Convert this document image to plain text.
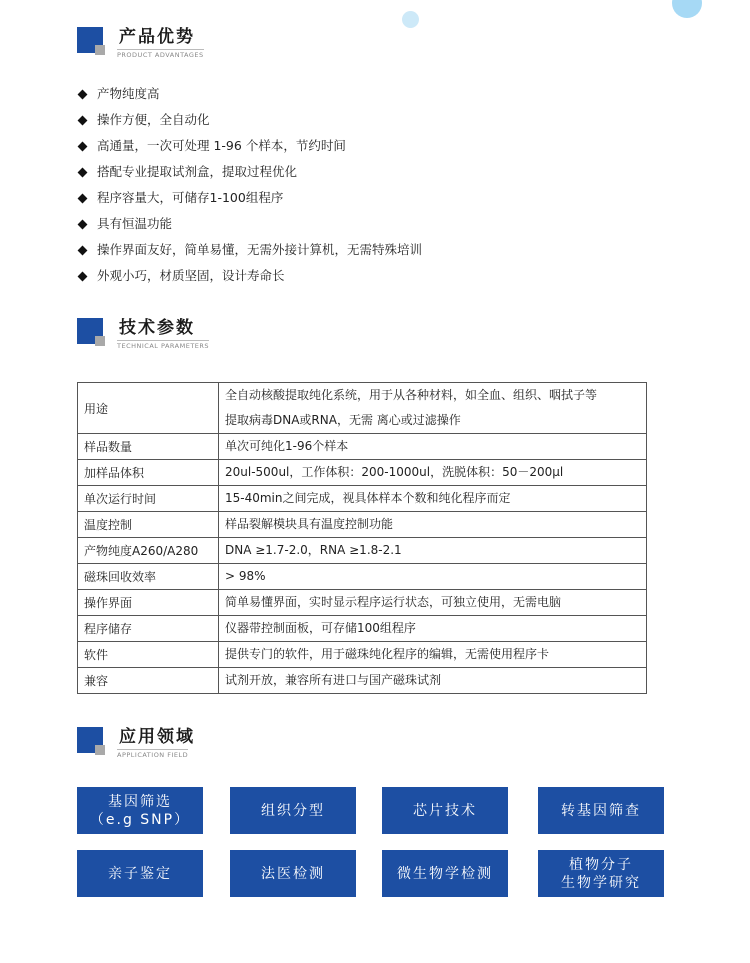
产品优势
PRODUCT ADVANTAGES
产物纯度高
操作方便，全自动化
高通量，一次可处理 1-96 个样本，节约时间
搭配专业提取试剂盒，提取过程优化
程序容量大，可储存1-100组程序
具有恒温功能
操作界面友好，简单易懂，无需外接计算机，无需特殊培训
外观小巧，材质坚固，设计寿命长
技术参数
TECHNICAL PARAMETERS
用途	全自动核酸提取纯化系统，用于从各种材料，如全血、组织、咽拭子等
提取病毒DNA或RNA，无需 离心或过滤操作

样品数量	单次可纯化1-96个样本
加样品体积	20ul-500ul，工作体积：200-1000ul，洗脱体积：50－200μl
单次运行时间	15-40min之间完成，视具体样本个数和纯化程序而定
温度控制	样品裂解模块具有温度控制功能
产物纯度A260/A280	DNA ≥1.7-2.0，RNA ≥1.8-2.1
磁珠回收效率	> 98%
操作界面	简单易懂界面，实时显示程序运行状态，可独立使用，无需电脑
程序储存	仪器带控制面板，可存储100组程序
软件	提供专门的软件，用于磁珠纯化程序的编辑，无需使用程序卡
兼容	试剂开放，兼容所有进口与国产磁珠试剂
应用领域
APPLICATION FIELD
基因筛选
（e.g SNP）
组织分型	芯片技术	转基因筛查
亲子鉴定	法医检测	微生物学检测
植物分子
生物学研究
